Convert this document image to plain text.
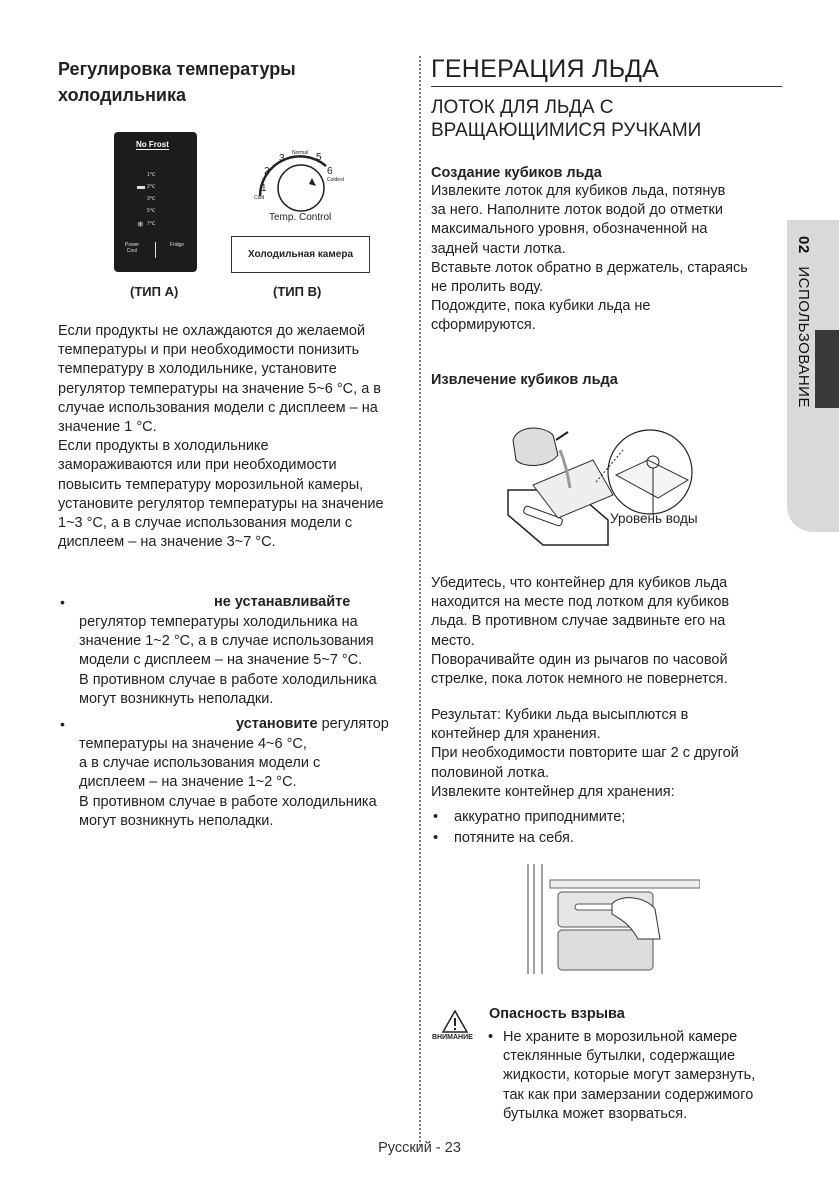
Регулировка температуры
холодильника
No Frost
1℃
2℃
3℃
5℃
7℃
❄
Power Cool
Fridge
(ТИП A)
1
2
3	5
6
Normal
Cold
Coldest
Temp. Control
Холодильная камера
(ТИП B)
Если продукты не охлаждаются до желаемой
температуры и при необходимости понизить
температуру в холодильнике, установите
регулятор температуры на значение 5~6 °C, а в
случае использования модели с дисплеем – на
значение 1 °C.
Если продукты в холодильнике
замораживаются или при необходимости
повысить температуру морозильной камеры,
установите регулятор температуры на значение
1~3 °C, а в случае использования модели с
дисплеем – на значение 3~7 °C.
•	не устанавливайте
регулятор температуры холодильника на
значение 1~2 °C, а в случае использования
модели с дисплеем – на значение 5~7 °C.
В противном случае в работе холодильника
могут возникнуть неполадки.
•	установите регулятор
температуры на значение 4~6 °C,
а в случае использования модели с
дисплеем – на значение 1~2 °C.
В противном случае в работе холодильника
могут возникнуть неполадки.
ГЕНЕРАЦИЯ ЛЬДА
ЛОТОК ДЛЯ ЛЬДА С
ВРАЩАЮЩИМИСЯ РУЧКАМИ
Создание кубиков льда
Извлеките лоток для кубиков льда, потянув
за него. Наполните лоток водой до отметки
максимального уровня, обозначенной на
задней части лотка.
Вставьте лоток обратно в держатель, стараясь
не пролить воду.
Подождите, пока кубики льда не
сформируются.
Извлечение кубиков льда
Уровень воды
Убедитесь, что контейнер для кубиков льда
находится на месте под лотком для кубиков
льда. В противном случае задвиньте его на
место.
Поворачивайте один из рычагов по часовой
стрелке, пока лоток немного не повернется.
Результат: Кубики льда высыплются в
контейнер для хранения.
При необходимости повторите шаг 2 с другой
половиной лотка.
Извлеките контейнер для хранения:
• аккуратно приподнимите;
• потяните на себя.
ВНИМАНИЕ
Опасность взрыва
• Не храните в морозильной камере
стеклянные бутылки, содержащие
жидкости, которые могут замерзнуть,
так как при замерзании содержимого
бутылка может взорваться.
02 ИСПОЛЬЗОВАНИЕ
Русский - 23
